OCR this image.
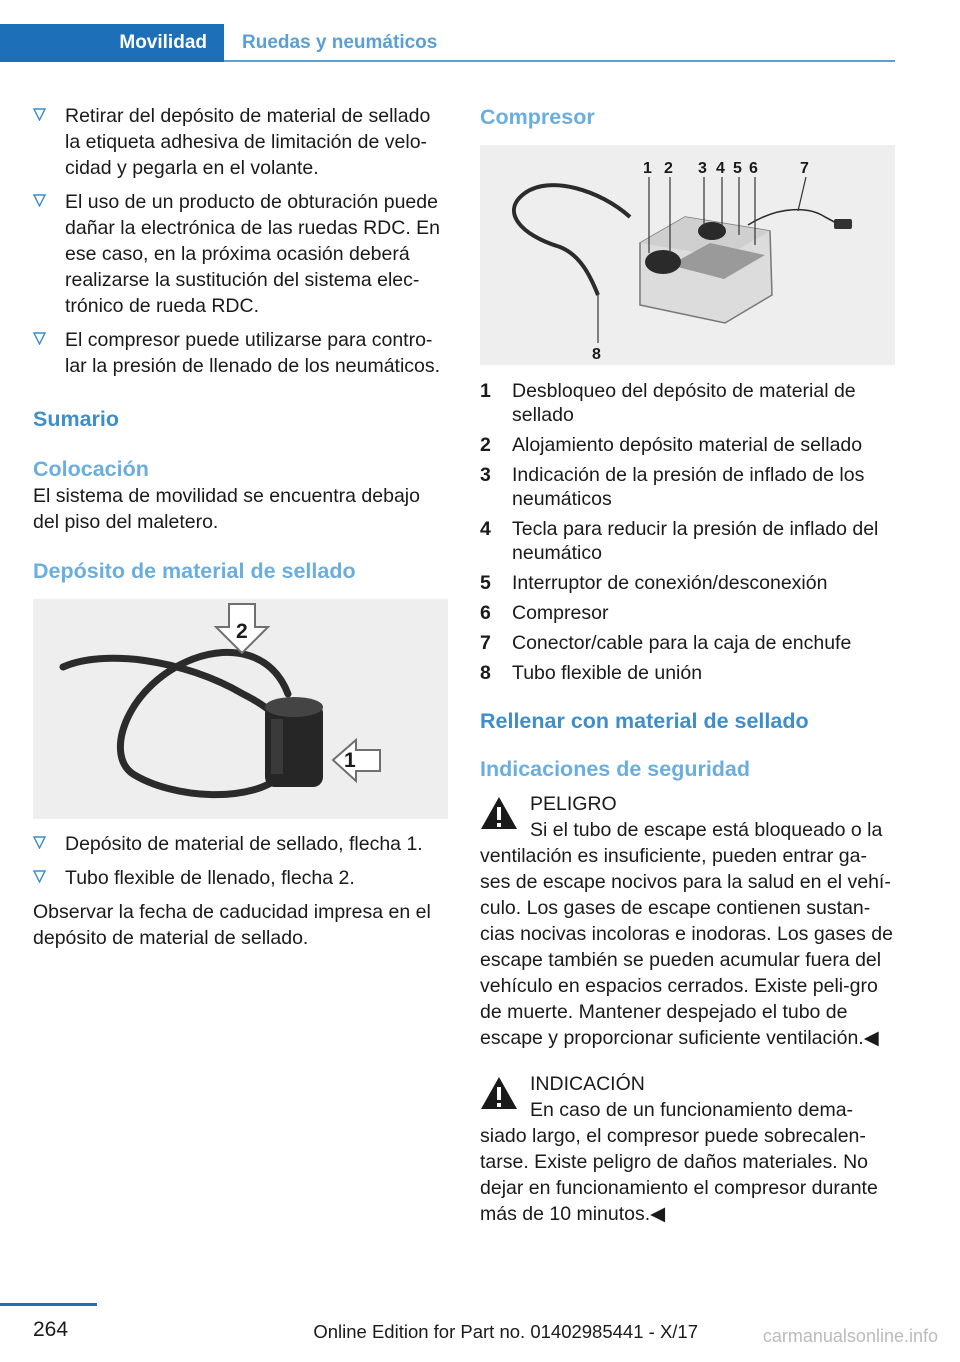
Movilidad	Ruedas y neumáticos
Retirar del depósito de material de sellado la etiqueta adhesiva de limitación de velo-cidad y pegarla en el volante.
El uso de un producto de obturación puede dañar la electrónica de las ruedas RDC. En ese caso, en la próxima ocasión deberá realizarse la sustitución del sistema elec-trónico de rueda RDC.
El compresor puede utilizarse para contro-lar la presión de llenado de los neumáticos.
Sumario
Colocación
El sistema de movilidad se encuentra debajo del piso del maletero.
Depósito de material de sellado
1
2
Depósito de material de sellado, flecha 1.
Tubo flexible de llenado, flecha 2.
Observar la fecha de caducidad impresa en el depósito de material de sellado.
Compresor
1 2 3 4 5 6	7
8
1 Desbloqueo del depósito de material de sellado
2 Alojamiento depósito material de sellado
3 Indicación de la presión de inflado de los neumáticos
4 Tecla para reducir la presión de inflado del neumático
5 Interruptor de conexión/desconexión
6 Compresor
7 Conector/cable para la caja de enchufe
8 Tubo flexible de unión
Rellenar con material de sellado
Indicaciones de seguridad
PELIGRO
Si el tubo de escape está bloqueado o la
ventilación es insuficiente, pueden entrar ga-ses de escape nocivos para la salud en el vehí-culo. Los gases de escape contienen sustan-cias nocivas incoloras e inodoras. Los gases de escape también se pueden acumular fuera del vehículo en espacios cerrados. Existe peli-gro de muerte. Mantener despejado el tubo de escape y proporcionar suficiente ventilación.◀
INDICACIÓN
En caso de un funcionamiento dema-
siado largo, el compresor puede sobrecalen-tarse. Existe peligro de daños materiales. No dejar en funcionamiento el compresor durante más de 10 minutos.◀
264	Online Edition for Part no. 01402985441 - X/17	carmanualsonline.info
